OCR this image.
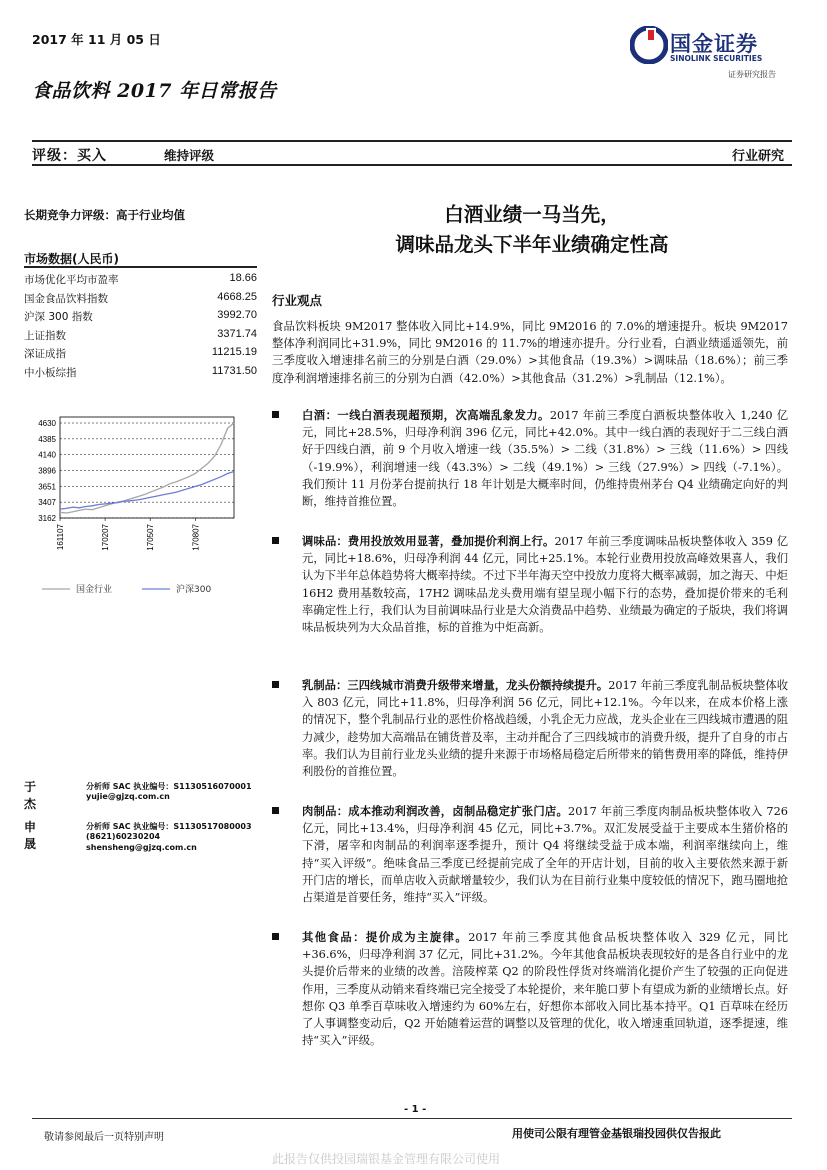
2017 年 11 月 05 日	国金证券
SINOLINK SECURITIES
证券研究报告
食品饮料 2017 年日常报告
评级：买入	维持评级	行业研究
长期竞争力评级：高于行业均值	白酒业绩一马当先，
调味品龙头下半年业绩确定性高
市场数据(人民币)
市场优化平均市盈率	18.66
国金食品饮料指数	4668.25
沪深 300 指数	3992.70
上证指数	3371.74
深证成指	11215.19
中小板综指	11731.50
4630
4385
4140
3896
3651
3407
3162
161107	170207	170507	170807
国金行业	沪深300
于杰
分析师 SAC 执业编号：S1130516070001
yujie@gjzq.com.cn
申晟
分析师 SAC 执业编号：S1130517080003
(8621)60230204
shensheng@gjzq.com.cn
行业观点
食品饮料板块 9M2017 整体收入同比+14.9%，同比 9M2016 的 7.0%的增速提升。板块 9M2017 整体净利润同比+31.9%，同比 9M2016 的 11.7%的增速亦提升。分行业看，白酒业绩遥遥领先，前三季度收入增速排名前三的分别是白酒（29.0%）>其他食品（19.3%）>调味品（18.6%）；前三季度净利润增速排名前三的分别为白酒（42.0%）>其他食品（31.2%）>乳制品（12.1%）。
白酒：一线白酒表现超预期，次高端乱象发力。2017 年前三季度白酒板块整体收入 1,240 亿元，同比+28.5%，归母净利润 396 亿元，同比+42.0%。其中一线白酒的表现好于二三线白酒好于四线白酒，前 9 个月收入增速一线（35.5%）> 二线（31.8%）> 三线（11.6%）> 四线（-19.9%），利润增速一线（43.3%）> 二线（49.1%）> 三线（27.9%）> 四线（-7.1%）。我们预计 11 月份茅台提前执行 18 年计划是大概率时间，仍维持贵州茅台 Q4 业绩确定向好的判断，维持首推位置。
调味品：费用投放效用显著，叠加提价利润上行。2017 年前三季度调味品板块整体收入 359 亿元，同比+18.6%，归母净利润 44 亿元，同比+25.1%。本轮行业费用投放高峰效果喜人，我们认为下半年总体趋势将大概率持续。不过下半年海天空中投放力度将大概率减弱，加之海天、中炬 16H2 费用基数较高，17H2 调味品龙头费用端有望呈现小幅下行的态势，叠加提价带来的毛利率确定性上行，我们认为目前调味品行业是大众消费品中趋势、业绩最为确定的子版块，我们将调味品板块列为大众品首推，标的首推为中炬高新。
乳制品：三四线城市消费升级带来增量，龙头份额持续提升。2017 年前三季度乳制品板块整体收入 803 亿元，同比+11.8%，归母净利润 56 亿元，同比+12.1%。今年以来，在成本价格上涨的情况下，整个乳制品行业的恶性价格战趋缓，小乳企无力应战，龙头企业在三四线城市遭遇的阻力减少，趁势加大高端品在铺货普及率，主动并配合了三四线城市的消费升级，提升了自身的市占率。我们认为目前行业龙头业绩的提升来源于市场格局稳定后所带来的销售费用率的降低，维持伊利股份的首推位置。
肉制品：成本推动利润改善，卤制品稳定扩张门店。2017 年前三季度肉制品板块整体收入 726 亿元，同比+13.4%，归母净利润 45 亿元，同比+3.7%。双汇发展受益于主要成本生猪价格的下滑，屠宰和肉制品的利润率逐季提升，预计 Q4 将继续受益于成本端，利润率继续向上，维持“买入评级”。绝味食品三季度已经提前完成了全年的开店计划，目前的收入主要依然来源于新开门店的增长，而单店收入贡献增量较少，我们认为在目前行业集中度较低的情况下，跑马圈地抢占渠道是首要任务，维持“买入”评级。
其他食品：提价成为主旋律。2017 年前三季度其他食品板块整体收入 329 亿元，同比+36.6%，归母净利润 37 亿元，同比+31.2%。今年其他食品板块表现较好的是各自行业中的龙头提价后带来的业绩的改善。涪陵榨菜 Q2 的阶段性俘货对终端消化提价产生了较强的正向促进作用，三季度从动销来看终端已完全接受了本轮提价，来年脆口萝卜有望成为新的业绩增长点。好想你 Q3 单季百草味收入增速约为 60%左右，好想你本部收入同比基本持平。Q1 百草味在经历了人事调整变动后，Q2 开始随着运营的调整以及管理的优化，收入增速重回轨道，逐季提速，维持“买入”评级。
- 1 -
敬请参阅最后一页特别声明	用使司公限有理管金基银瑞投园供仅告报此
此报告仅供投园瑞银基金管理有限公司使用
